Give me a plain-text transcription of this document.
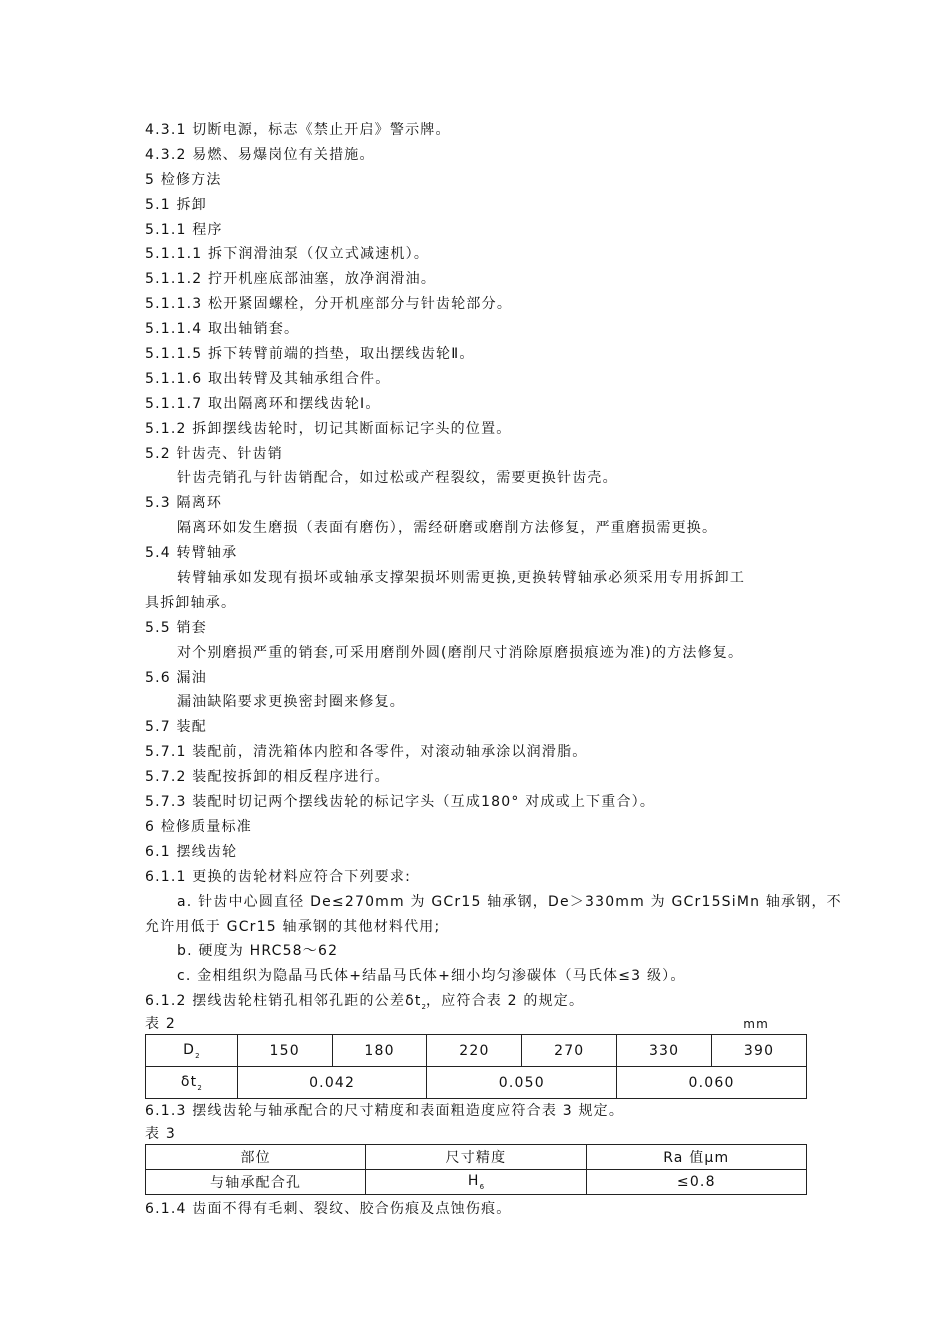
4.3.1 切断电源，标志《禁止开启》警示牌。
4.3.2 易燃、易爆岗位有关措施。
5 检修方法
5.1 拆卸
5.1.1 程序
5.1.1.1 拆下润滑油泵（仅立式减速机）。
5.1.1.2 拧开机座底部油塞，放净润滑油。
5.1.1.3 松开紧固螺栓，分开机座部分与针齿轮部分。
5.1.1.4 取出轴销套。
5.1.1.5 拆下转臂前端的挡垫，取出摆线齿轮Ⅱ。
5.1.1.6 取出转臂及其轴承组合件。
5.1.1.7 取出隔离环和摆线齿轮Ⅰ。
5.1.2 拆卸摆线齿轮时，切记其断面标记字头的位置。
5.2 针齿壳、针齿销
针齿壳销孔与针齿销配合，如过松或产程裂纹，需要更换针齿壳。
5.3 隔离环
隔离环如发生磨损（表面有磨伤），需经研磨或磨削方法修复，严重磨损需更换。
5.4 转臂轴承
转臂轴承如发现有损坏或轴承支撑架损坏则需更换,更换转臂轴承必须采用专用拆卸工
具拆卸轴承。
5.5 销套
对个别磨损严重的销套,可采用磨削外圆(磨削尺寸消除原磨损痕迹为准)的方法修复。
5.6 漏油
漏油缺陷要求更换密封圈来修复。
5.7 装配
5.7.1 装配前，清洗箱体内腔和各零件，对滚动轴承涂以润滑脂。
5.7.2 装配按拆卸的相反程序进行。
5.7.3 装配时切记两个摆线齿轮的标记字头（互成180° 对成或上下重合）。
6 检修质量标准
6.1 摆线齿轮
6.1.1 更换的齿轮材料应符合下列要求:
a. 针齿中心圆直径 De≤270mm 为 GCr15 轴承钢，De＞330mm 为 GCr15SiMn 轴承钢，不
允许用低于 GCr15 轴承钢的其他材料代用;
b. 硬度为 HRC58～62
c. 金相组织为隐晶马氏体+结晶马氏体+细小均匀渗碳体（马氏体≤3 级）。
6.1.2 摆线齿轮柱销孔相邻孔距的公差$\delta t_2$，应符合表 2 的规定。
表 2	mm
$D_2$	150	180	220	270	330	390
$\delta t_2$	0.042		0.050		0.060	
6.1.3 摆线齿轮与轴承配合的尺寸精度和表面粗造度应符合表 3 规定。
表 3
部位	尺寸精度	Ra 值μm
与轴承配合孔	$H_6$	≤0.8
6.1.4 齿面不得有毛刺、裂纹、胶合伤痕及点蚀伤痕。
